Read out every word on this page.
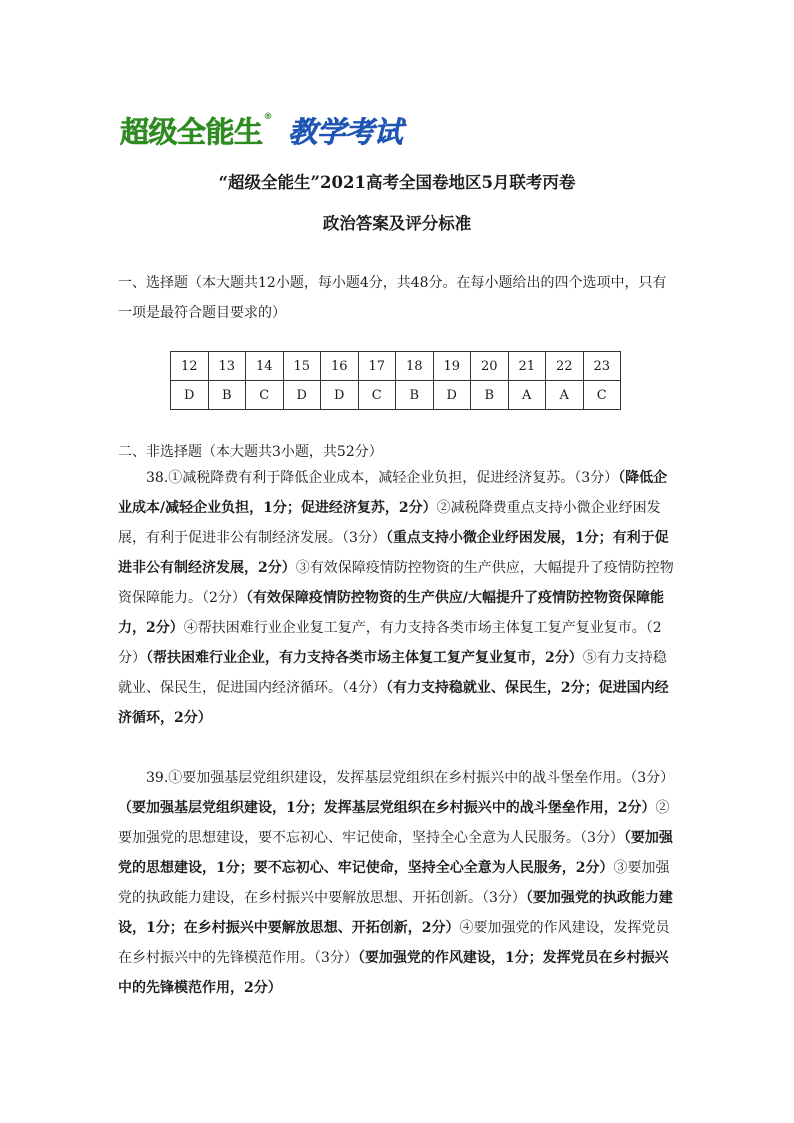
超级全能生® 教学考试
“超级全能生”2021高考全国卷地区5月联考丙卷
政治答案及评分标准
一、选择题（本大题共12小题，每小题4分，共48分。在每小题给出的四个选项中，只有一项是最符合题目要求的）
12	13	14	15	16	17	18	19	20	21	22	23
D	B	C	D	D	C	B	D	B	A	A	C
二、非选择题（本大题共3小题，共52分）
38.①减税降费有利于降低企业成本，减轻企业负担，促进经济复苏。（3分）（降低企业成本/减轻企业负担，1分；促进经济复苏，2分）②减税降费重点支持小微企业纾困发展，有利于促进非公有制经济发展。（3分）（重点支持小微企业纾困发展，1分；有利于促进非公有制经济发展，2分）③有效保障疫情防控物资的生产供应，大幅提升了疫情防控物资保障能力。（2分）（有效保障疫情防控物资的生产供应/大幅提升了疫情防控物资保障能力，2分）④帮扶困难行业企业复工复产，有力支持各类市场主体复工复产复业复市。（2分）（帮扶困难行业企业，有力支持各类市场主体复工复产复业复市，2分）⑤有力支持稳就业、保民生，促进国内经济循环。（4分）（有力支持稳就业、保民生，2分；促进国内经济循环，2分）
39.①要加强基层党组织建设，发挥基层党组织在乡村振兴中的战斗堡垒作用。（3分）（要加强基层党组织建设，1分；发挥基层党组织在乡村振兴中的战斗堡垒作用，2分）②要加强党的思想建设，要不忘初心、牢记使命，坚持全心全意为人民服务。（3分）（要加强党的思想建设，1分；要不忘初心、牢记使命，坚持全心全意为人民服务，2分）③要加强党的执政能力建设，在乡村振兴中要解放思想、开拓创新。（3分）（要加强党的执政能力建设，1分；在乡村振兴中要解放思想、开拓创新，2分）④要加强党的作风建设，发挥党员在乡村振兴中的先锋模范作用。（3分）（要加强党的作风建设，1分；发挥党员在乡村振兴中的先锋模范作用，2分）
